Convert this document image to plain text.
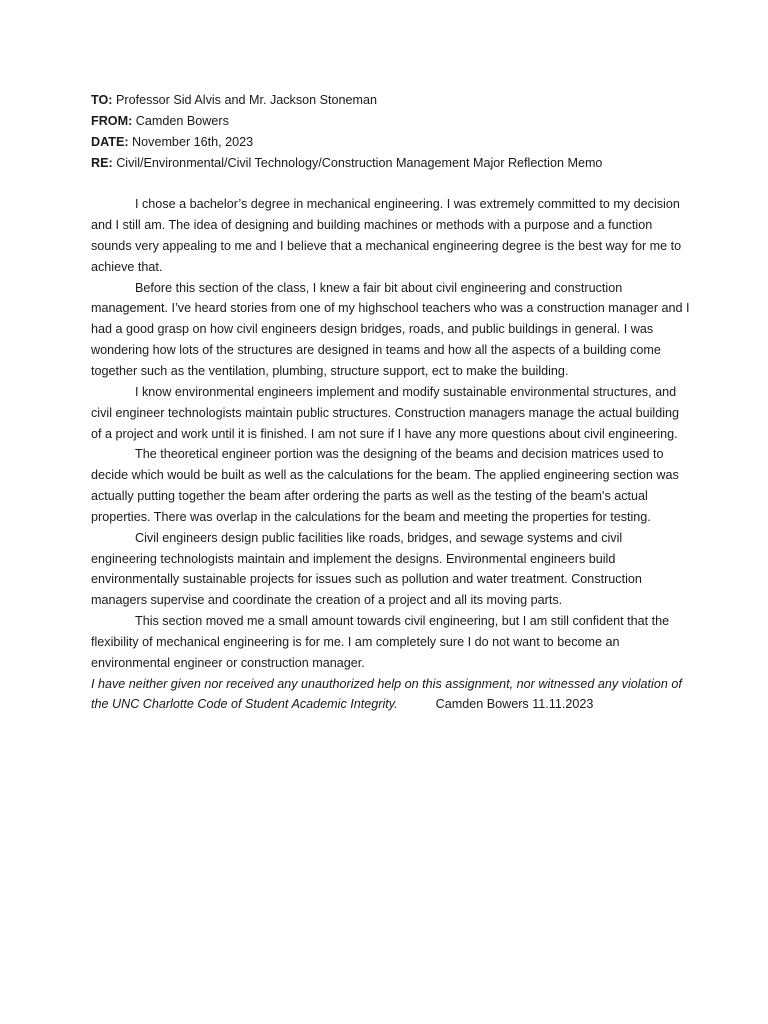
TO: Professor Sid Alvis and Mr. Jackson Stoneman
FROM: Camden Bowers
DATE: November 16th, 2023
RE: Civil/Environmental/Civil Technology/Construction Management Major Reflection Memo

I chose a bachelor’s degree in mechanical engineering. I was extremely committed to my decision and I still am. The idea of designing and building machines or methods with a purpose and a function sounds very appealing to me and I believe that a mechanical engineering degree is the best way for me to achieve that.

Before this section of the class, I knew a fair bit about civil engineering and construction management. I’ve heard stories from one of my highschool teachers who was a construction manager and I had a good grasp on how civil engineers design bridges, roads, and public buildings in general. I was wondering how lots of the structures are designed in teams and how all the aspects of a building come together such as the ventilation, plumbing, structure support, ect to make the building.

I know environmental engineers implement and modify sustainable environmental structures, and civil engineer technologists maintain public structures. Construction managers manage the actual building of a project and work until it is finished. I am not sure if I have any more questions about civil engineering.

The theoretical engineer portion was the designing of the beams and decision matrices used to decide which would be built as well as the calculations for the beam. The applied engineering section was actually putting together the beam after ordering the parts as well as the testing of the beam's actual properties. There was overlap in the calculations for the beam and meeting the properties for testing.

Civil engineers design public facilities like roads, bridges, and sewage systems and civil engineering technologists maintain and implement the designs. Environmental engineers build environmentally sustainable projects for issues such as pollution and water treatment. Construction managers supervise and coordinate the creation of a project and all its moving parts.

This section moved me a small amount towards civil engineering, but I am still confident that the flexibility of mechanical engineering is for me. I am completely sure I do not want to become an environmental engineer or construction manager.

I have neither given nor received any unauthorized help on this assignment, nor witnessed any violation of the UNC Charlotte Code of Student Academic Integrity.	Camden Bowers 11.11.2023
